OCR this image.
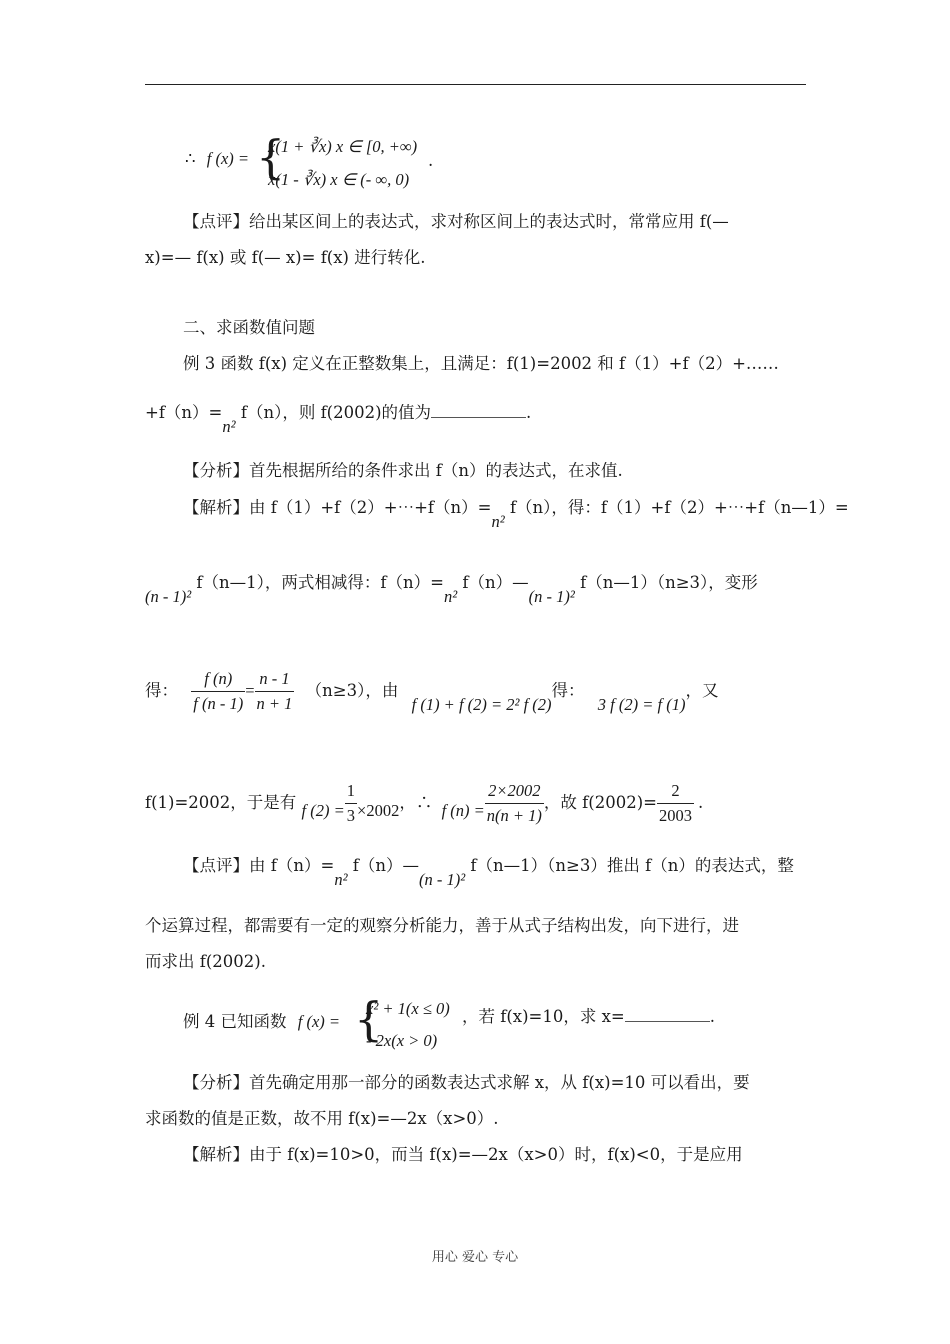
∴ f (x) = {
x(1 + ∛x) x ∈ [0, +∞)
x(1 - ∛x) x ∈ (- ∞, 0)
.
【点评】给出某区间上的表达式，求对称区间上的表达式时，常常应用 f(—
x)=— f(x) 或 f(— x)= f(x) 进行转化.
二、求函数值问题
例 3 函数 f(x) 定义在正整数集上，且满足：f(1)=2002 和 f（1）+f（2）+……
+f（n）=n² f（n），则 f(2002)的值为	.
【分析】首先根据所给的条件求出 f（n）的表达式，在求值.
【解析】由 f（1）+f（2）+⋯+f（n）=n² f（n），得：f（1）+f（2）+⋯+f（n—1）=
(n - 1)² f（n—1），两式相减得：f（n）=n² f（n）—(n - 1)² f（n—1）（n≥3），变形
得： $\frac{f (n)}{f (n - 1)} = \frac{n - 1}{n + 1} (n\ge 3)$，由 f (1) + f (2) = 2² f (2)得： 3 f (2) = f (1)，又
f(1)=2002，于是有 f $(2) = \frac{1}{3} \times 2002$，∴ f $(n) = \frac{2\times 2002}{n(n + 1)}$ ，故 $f(2002)= \frac{2}{2003}$ .
【点评】由 f（n）=n² f（n）—(n - 1)² f（n—1）（n≥3）推出 f（n）的表达式，整
个运算过程，都需要有一定的观察分析能力，善于从式子结构出发，向下进行，进
而求出 f(2002).
例 4 已知函数 f (x) = {
x² + 1(x ≤ 0)
- 2x(x > 0)
，若 f(x)=10，求 x=	.
【分析】首先确定用那一部分的函数表达式求解 x，从 f(x)=10 可以看出，要
求函数的值是正数，故不用 f(x)=—2x（x>0）.
【解析】由于 f(x)=10>0，而当 f(x)=—2x（x>0）时，f(x)<0，于是应用
用心 爱心 专心
